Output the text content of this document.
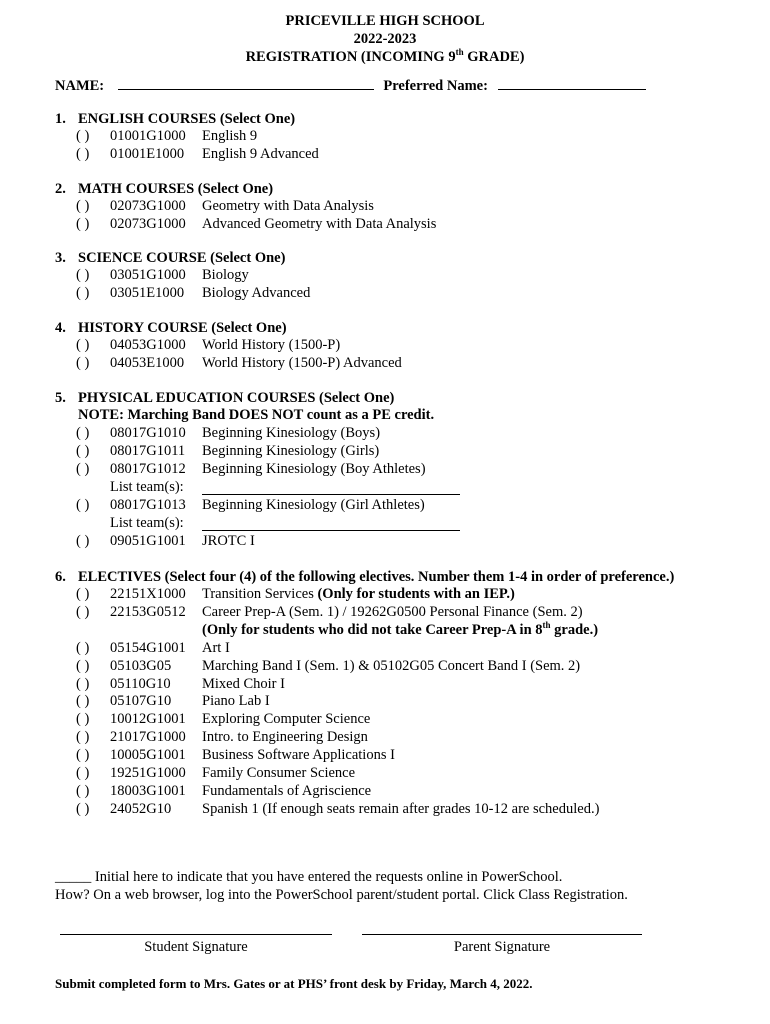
PRICEVILLE HIGH SCHOOL
2022-2023
REGISTRATION (INCOMING 9th GRADE)
NAME:	Preferred Name:
1. ENGLISH COURSES (Select One)
( ) 01001G1000 English 9
( ) 01001E1000 English 9 Advanced
2. MATH COURSES (Select One)
( ) 02073G1000 Geometry with Data Analysis
( ) 02073G1000 Advanced Geometry with Data Analysis
3. SCIENCE COURSE (Select One)
( ) 03051G1000 Biology
( ) 03051E1000 Biology Advanced
4. HISTORY COURSE (Select One)
( ) 04053G1000 World History (1500-P)
( ) 04053E1000 World History (1500-P) Advanced
5. PHYSICAL EDUCATION COURSES (Select One)
NOTE: Marching Band DOES NOT count as a PE credit.
( ) 08017G1010 Beginning Kinesiology (Boys)
( ) 08017G1011 Beginning Kinesiology (Girls)
( ) 08017G1012 Beginning Kinesiology (Boy Athletes)
List team(s):
( ) 08017G1013 Beginning Kinesiology (Girl Athletes)
List team(s):
( ) 09051G1001 JROTC I
6. ELECTIVES (Select four (4) of the following electives. Number them 1-4 in order of preference.)
( ) 22151X1000 Transition Services (Only for students with an IEP.)
( ) 22153G0512 Career Prep-A (Sem. 1) / 19262G0500 Personal Finance (Sem. 2)
(Only for students who did not take Career Prep-A in 8th grade.)
( ) 05154G1001 Art I
( ) 05103G05 Marching Band I (Sem. 1) & 05102G05 Concert Band I (Sem. 2)
( ) 05110G10 Mixed Choir I
( ) 05107G10 Piano Lab I
( ) 10012G1001 Exploring Computer Science
( ) 21017G1000 Intro. to Engineering Design
( ) 10005G1001 Business Software Applications I
( ) 19251G1000 Family Consumer Science
( ) 18003G1001 Fundamentals of Agriscience
( ) 24052G10 Spanish 1 (If enough seats remain after grades 10-12 are scheduled.)
_____ Initial here to indicate that you have entered the requests online in PowerSchool.
How? On a web browser, log into the PowerSchool parent/student portal. Click Class Registration.
Student Signature	Parent Signature
Submit completed form to Mrs. Gates or at PHS’ front desk by Friday, March 4, 2022.
